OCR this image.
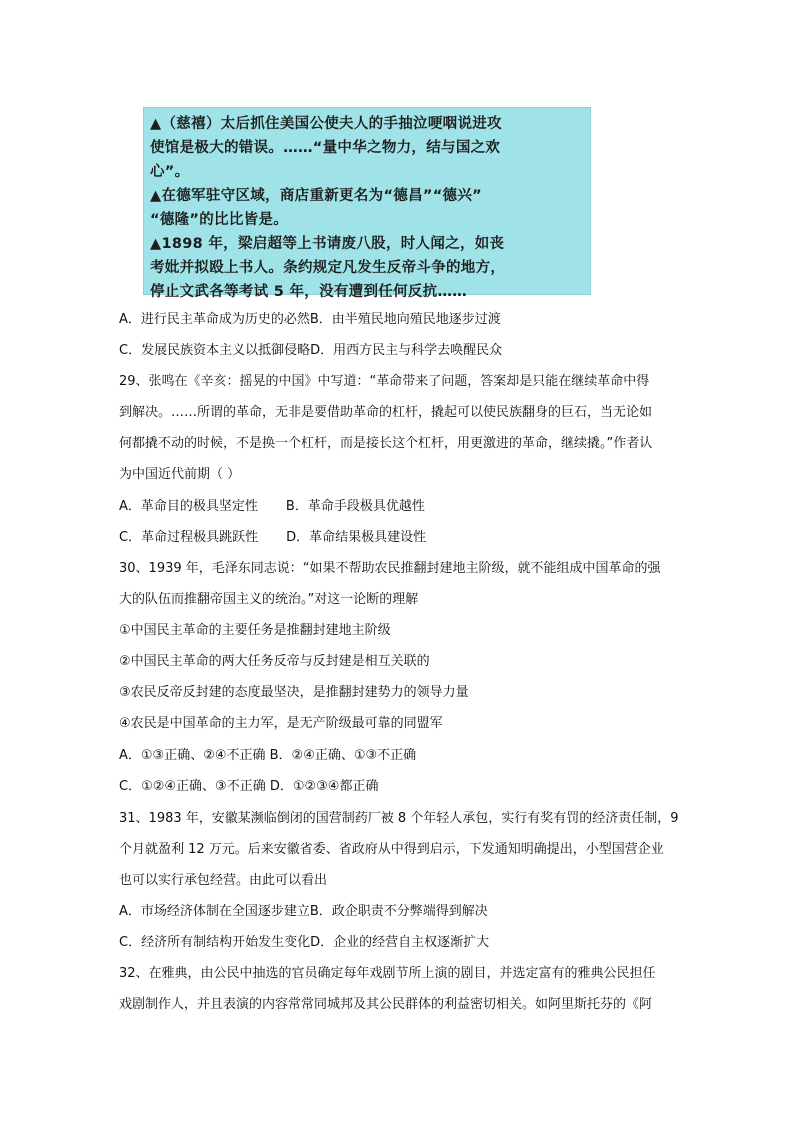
▲（慈禧）太后抓住美国公使夫人的手抽泣哽咽说进攻
使馆是极大的错误。……“量中华之物力，结与国之欢
心”。
▲在德军驻守区域，商店重新更名为“德昌”“德兴”
“德隆”的比比皆是。
▲1898 年，梁启超等上书请废八股，时人闻之，如丧
考妣并拟殴上书人。条约规定凡发生反帝斗争的地方，
停止文武各等考试 5 年，没有遭到任何反抗……
A．进行民主革命成为历史的必然B．由半殖民地向殖民地逐步过渡
C．发展民族资本主义以抵御侵略D．用西方民主与科学去唤醒民众
29、张鸣在《辛亥：摇晃的中国》中写道：“革命带来了问题，答案却是只能在继续革命中得
到解决。……所谓的革命，无非是要借助革命的杠杆，撬起可以使民族翻身的巨石，当无论如
何都撬不动的时候，不是换一个杠杆，而是接长这个杠杆，用更激进的革命，继续撬。”作者认
为中国近代前期（ ）
A．革命目的极具坚定性 B．革命手段极具优越性
C．革命过程极具跳跃性 D．革命结果极具建设性
30、1939 年，毛泽东同志说：“如果不帮助农民推翻封建地主阶级，就不能组成中国革命的强
大的队伍而推翻帝国主义的统治。”对这一论断的理解
①中国民主革命的主要任务是推翻封建地主阶级
②中国民主革命的两大任务反帝与反封建是相互关联的
③农民反帝反封建的态度最坚决，是推翻封建势力的领导力量
④农民是中国革命的主力军，是无产阶级最可靠的同盟军
A．①③正确、②④不正确 B．②④正确、①③不正确
C．①②④正确、③不正确 D．①②③④都正确
31、1983 年，安徽某濒临倒闭的国营制药厂被 8 个年轻人承包，实行有奖有罚的经济责任制，9
个月就盈利 12 万元。后来安徽省委、省政府从中得到启示，下发通知明确提出，小型国营企业
也可以实行承包经营。由此可以看出
A．市场经济体制在全国逐步建立B．政企职责不分弊端得到解决
C．经济所有制结构开始发生变化D．企业的经营自主权逐渐扩大
32、在雅典，由公民中抽选的官员确定每年戏剧节所上演的剧目，并选定富有的雅典公民担任
戏剧制作人，并且表演的内容常常同城邦及其公民群体的利益密切相关。如阿里斯托芬的《阿
